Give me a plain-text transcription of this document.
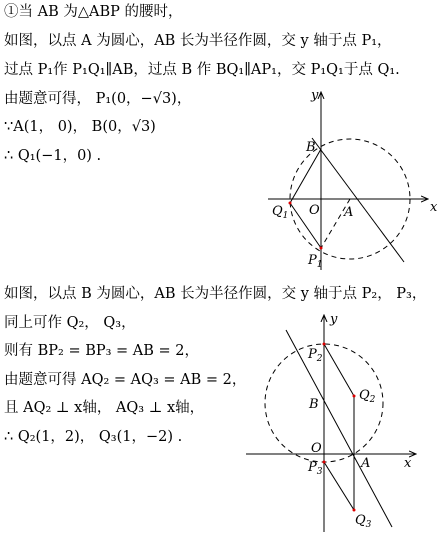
①当 AB 为△ABP 的腰时，
如图，以点 A 为圆心，AB 长为半径作圆，交 y 轴于点 P₁，
过点 P₁作 P₁Q₁∥AB，过点 B 作 BQ₁∥AP₁，交 P₁Q₁于点 Q₁.
由题意可得， P₁(0，−√3)，
∵A(1， 0)， B(0，√3)
∴ Q₁(−1，0) .
如图，以点 B 为圆心，AB 长为半径作圆，交 y 轴于点 P₂， P₃，
同上可作 Q₂， Q₃，
则有 BP₂ = BP₃ = AB = 2，
由题意可得 AQ₂ = AQ₃ = AB = 2，
且 AQ₂ ⊥ x轴， AQ₃ ⊥ x轴，
∴ Q₂(1，2)， Q₃(1，−2) .
x
y
O
B
A
$Q_1$
$P_1$
x
y
O
$P_2$
B
$Q_2$
$P_3$
A
$Q_3$
